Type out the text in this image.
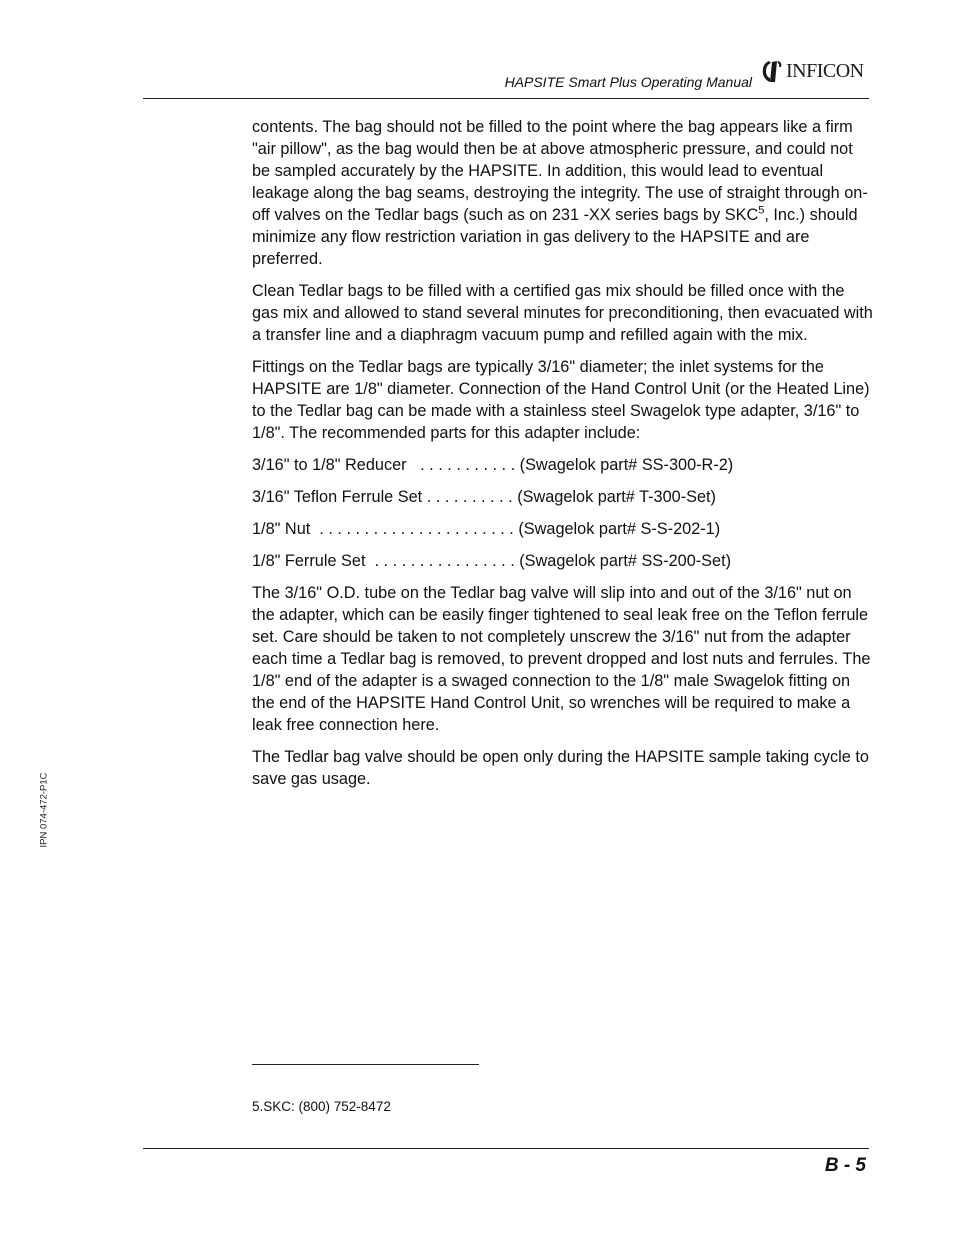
HAPSITE Smart Plus Operating Manual INFICON

contents. The bag should not be filled to the point where the bag appears like a firm "air pillow", as the bag would then be at above atmospheric pressure, and could not be sampled accurately by the HAPSITE. In addition, this would lead to eventual leakage along the bag seams, destroying the integrity. The use of straight through on-off valves on the Tedlar bags (such as on 231 -XX series bags by SKC$^5$, Inc.) should minimize any flow restriction variation in gas delivery to the HAPSITE and are preferred.

Clean Tedlar bags to be filled with a certified gas mix should be filled once with the gas mix and allowed to stand several minutes for preconditioning, then evacuated with a transfer line and a diaphragm vacuum pump and refilled again with the mix.

Fittings on the Tedlar bags are typically 3/16" diameter; the inlet systems for the HAPSITE are 1/8" diameter. Connection of the Hand Control Unit (or the Heated Line) to the Tedlar bag can be made with a stainless steel Swagelok type adapter, 3/16" to 1/8". The recommended parts for this adapter include:

3/16" to 1/8" Reducer   . . . . . . . . . . . (Swagelok part# SS-300-R-2)
3/16" Teflon Ferrule Set . . . . . . . . . . (Swagelok part# T-300-Set)
1/8" Nut  . . . . . . . . . . . . . . . . . . . . . . (Swagelok part# S-S-202-1)
1/8" Ferrule Set  . . . . . . . . . . . . . . . . (Swagelok part# SS-200-Set)

The 3/16" O.D. tube on the Tedlar bag valve will slip into and out of the 3/16" nut on the adapter, which can be easily finger tightened to seal leak free on the Teflon ferrule set. Care should be taken to not completely unscrew the 3/16" nut from the adapter each time a Tedlar bag is removed, to prevent dropped and lost nuts and ferrules. The 1/8" end of the adapter is a swaged connection to the 1/8" male Swagelok fitting on the end of the HAPSITE Hand Control Unit, so wrenches will be required to make a leak free connection here.

The Tedlar bag valve should be open only during the HAPSITE sample taking cycle to save gas usage.

IPN 074-472-P1C
5.SKC: (800) 752-8472
B - 5
